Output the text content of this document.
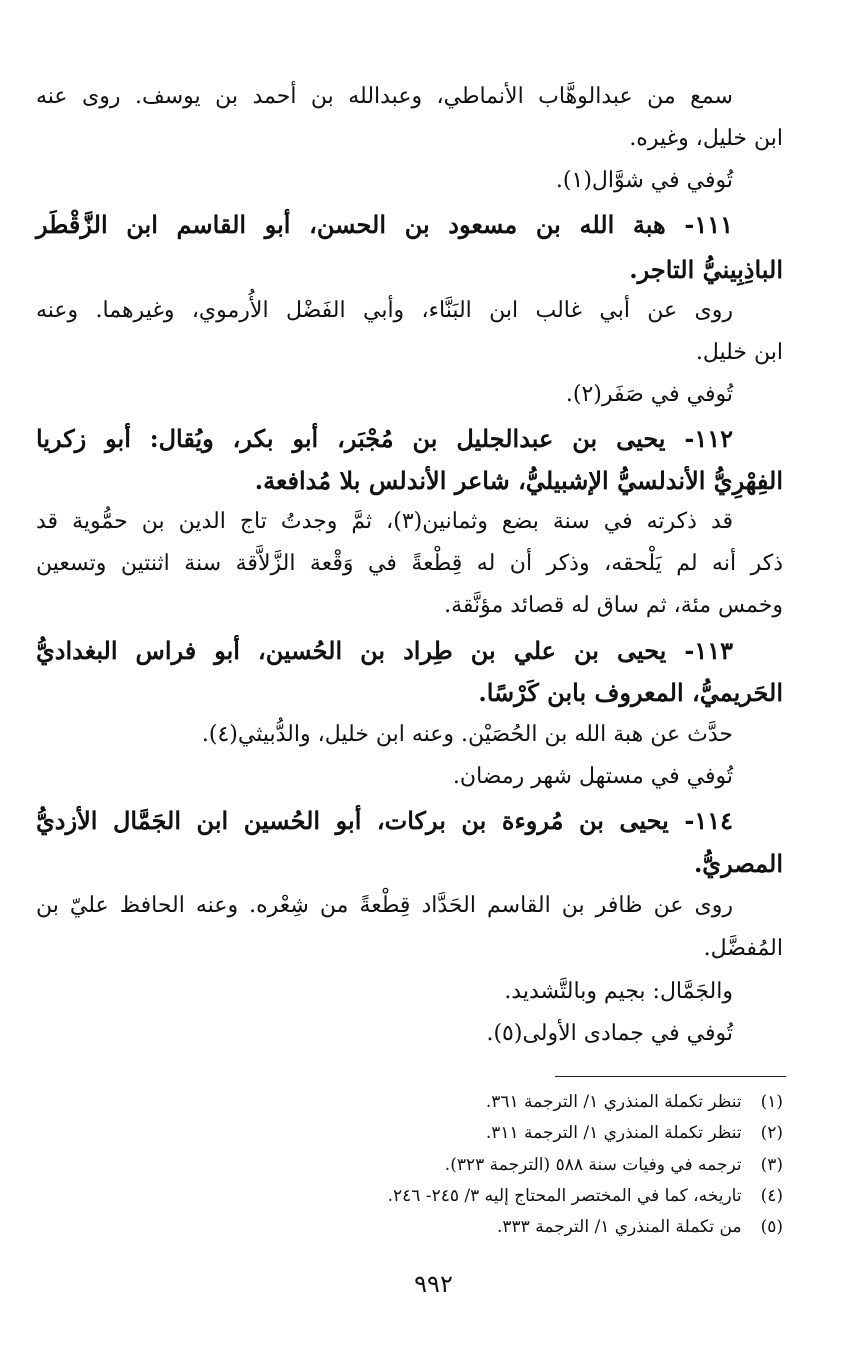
سمع من عبدالوهَّاب الأنماطي، وعبدالله بن أحمد بن يوسف. روى عنه
ابن خليل، وغيره.
تُوفي في شوَّال(١).
١١١- هبة الله بن مسعود بن الحسن، أبو القاسم ابن الزَّقْطَر
الباذِبِينيُّ التاجر.
روى عن أبي غالب ابن البَنَّاء، وأبي الفَضْل الأُرموي، وغيرهما. وعنه
ابن خليل.
تُوفي في صَفَر(٢).
١١٢- يحيى بن عبدالجليل بن مُجْبَر، أبو بكر، ويُقال: أبو زكريا
الفِهْرِيُّ الأندلسيُّ الإشبيليُّ، شاعر الأندلس بلا مُدافعة.
قد ذكرته في سنة بضع وثمانين(٣)، ثمَّ وجدتُ تاج الدين بن حمُّوية قد
ذكر أنه لم يَلْحقه، وذكر أن له قِطْعةً في وَقْعة الزَّلاَّقة سنة اثنتين وتسعين
وخمس مئة، ثم ساق له قصائد مؤنَّقة.
١١٣- يحيى بن علي بن طِراد بن الحُسين، أبو فراس البغداديُّ
الحَريميُّ، المعروف بابن كَرْسًا.
حدَّث عن هبة الله بن الحُصَيْن. وعنه ابن خليل، والدُّبيثي(٤).
تُوفي في مستهل شهر رمضان.
١١٤- يحيى بن مُروءة بن بركات، أبو الحُسين ابن الجَمَّال الأزديُّ
المصريُّ.
روى عن ظافر بن القاسم الحَدَّاد قِطْعةً من شِعْره. وعنه الحافظ عليّ بن
المُفضَّل.
والجَمَّال: بجيم وبالتَّشديد.
تُوفي في جمادى الأولى(٥).
(١) تنظر تكملة المنذري ١/ الترجمة ٣٦١.
(٢) تنظر تكملة المنذري ١/ الترجمة ٣١١.
(٣) ترجمه في وفيات سنة ٥٨٨ (الترجمة ٣٢٣).
(٤) تاريخه، كما في المختصر المحتاج إليه ٣/ ٢٤٥- ٢٤٦.
(٥) من تكملة المنذري ١/ الترجمة ٣٣٣.
٩٩٢
